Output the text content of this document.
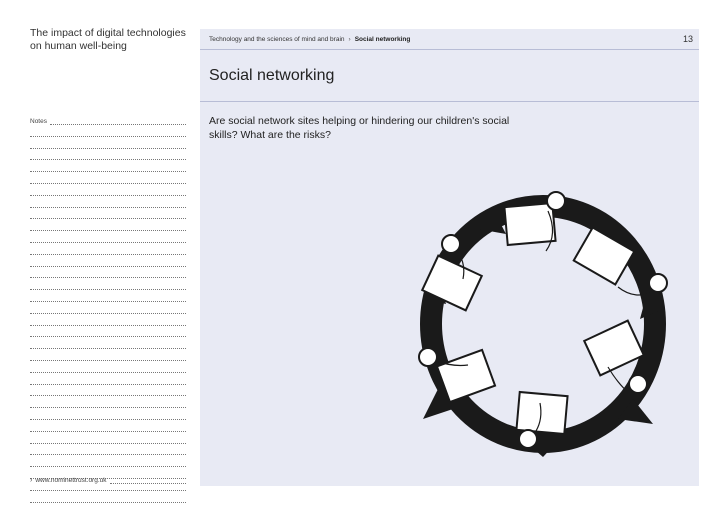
The impact of digital technologies on human well-being
Notes
› www.nominettrust.org.uk
Technology and the sciences of mind and brain › Social networking	13
Social networking
Are social network sites helping or hindering our children's social skills? What are the risks?
